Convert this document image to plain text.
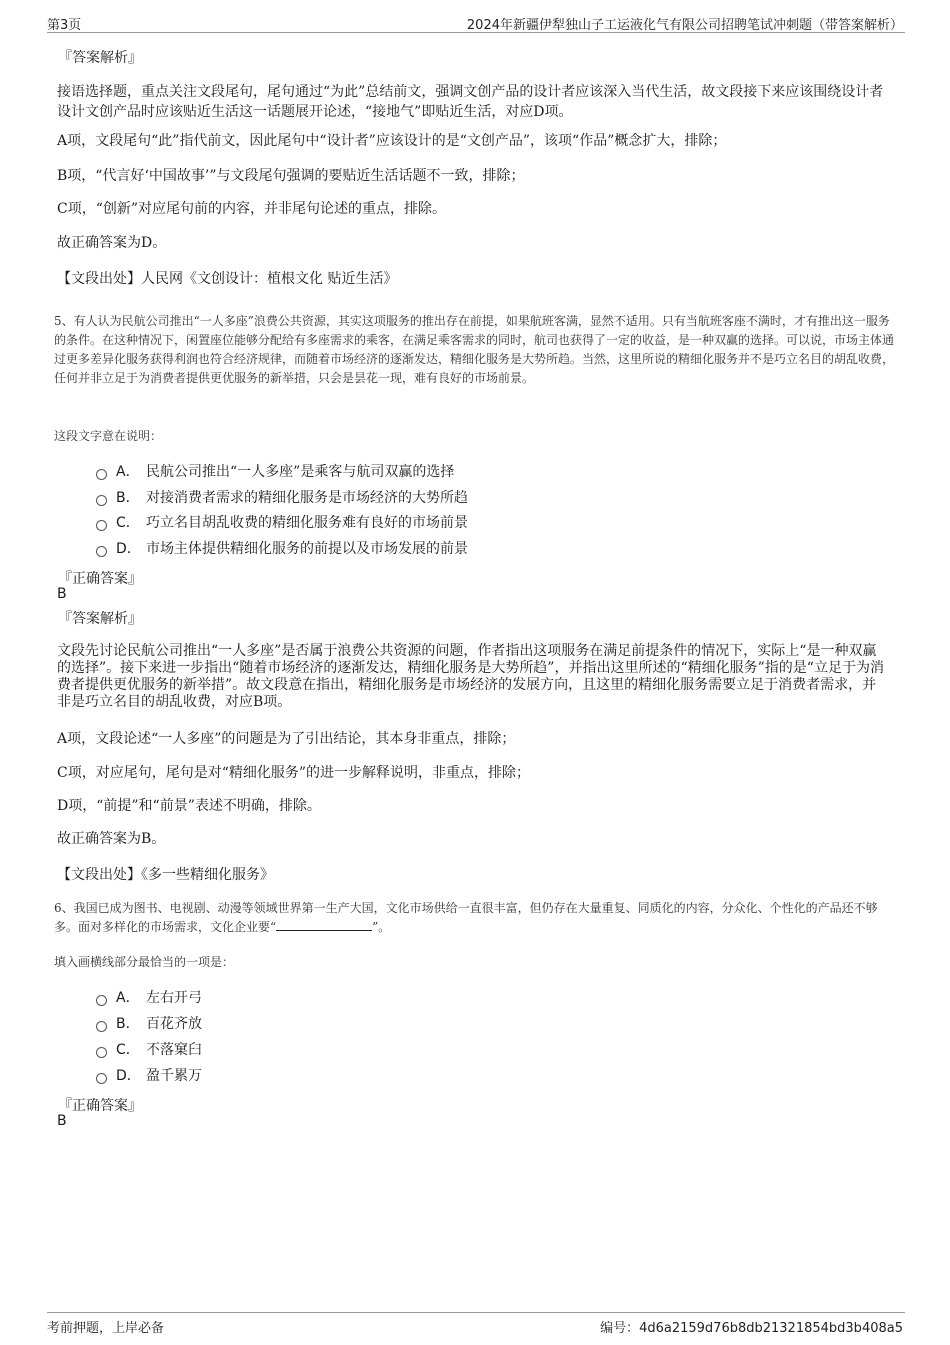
第3页	2024年新疆伊犁独山子工运液化气有限公司招聘笔试冲刺题（带答案解析）
『答案解析』

接语选择题，重点关注文段尾句，尾句通过“为此”总结前文，强调文创产品的设计者应该深入当代生活，故文段接下来应该围绕设计者设计文创产品时应该贴近生活这一话题展开论述，“接地气”即贴近生活，对应D项。

A项，文段尾句“此”指代前文，因此尾句中“设计者”应该设计的是“文创产品”，该项“作品”概念扩大，排除；

B项，“代言好‘中国故事’”与文段尾句强调的要贴近生活话题不一致，排除；

C项，“创新”对应尾句前的内容，并非尾句论述的重点，排除。

故正确答案为D。

【文段出处】人民网《文创设计：植根文化 贴近生活》

5、有人认为民航公司推出“一人多座”浪费公共资源，其实这项服务的推出存在前提，如果航班客满，显然不适用。只有当航班客座不满时，才有推出这一服务的条件。在这种情况下，闲置座位能够分配给有多座需求的乘客，在满足乘客需求的同时，航司也获得了一定的收益，是一种双赢的选择。可以说，市场主体通过更多差异化服务获得利润也符合经济规律，而随着市场经济的逐渐发达，精细化服务是大势所趋。当然，这里所说的精细化服务并不是巧立名目的胡乱收费，任何并非立足于为消费者提供更优服务的新举措，只会是昙花一现，难有良好的市场前景。

这段文字意在说明：

A． 民航公司推出“一人多座”是乘客与航司双赢的选择
B． 对接消费者需求的精细化服务是市场经济的大势所趋
C． 巧立名目胡乱收费的精细化服务难有良好的市场前景
D． 市场主体提供精细化服务的前提以及市场发展的前景
『正确答案』
B
『答案解析』

文段先讨论民航公司推出“一人多座”是否属于浪费公共资源的问题，作者指出这项服务在满足前提条件的情况下，实际上“是一种双赢的选择”。接下来进一步指出“随着市场经济的逐渐发达，精细化服务是大势所趋”，并指出这里所述的“精细化服务”指的是“立足于为消费者提供更优服务的新举措”。故文段意在指出，精细化服务是市场经济的发展方向，且这里的精细化服务需要立足于消费者需求，并非是巧立名目的胡乱收费，对应B项。

A项，文段论述“一人多座”的问题是为了引出结论，其本身非重点，排除；

C项，对应尾句，尾句是对“精细化服务”的进一步解释说明，非重点，排除；

D项，“前提”和“前景”表述不明确，排除。

故正确答案为B。

【文段出处】《多一些精细化服务》

6、我国已成为图书、电视剧、动漫等领域世界第一生产大国，文化市场供给一直很丰富，但仍存在大量重复、同质化的内容，分众化、个性化的产品还不够多。面对多样化的市场需求，文化企业要“	”。

填入画横线部分最恰当的一项是：

A． 左右开弓
B． 百花齐放
C． 不落窠臼
D． 盈千累万
『正确答案』
B
考前押题，上岸必备	编号：4d6a2159d76b8db21321854bd3b408a5
